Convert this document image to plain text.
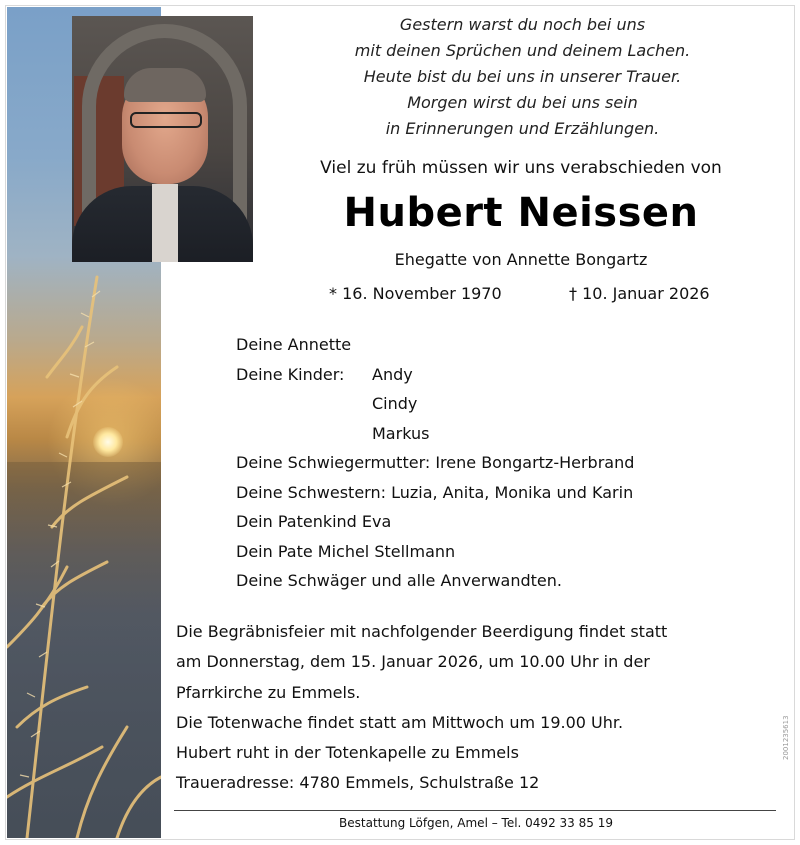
Gestern warst du noch bei uns
mit deinen Sprüchen und deinem Lachen.
Heute bist du bei uns in unserer Trauer.
Morgen wirst du bei uns sein
in Erinnerungen und Erzählungen.
Viel zu früh müssen wir uns verabschieden von
Hubert Neissen
Ehegatte von Annette Bongartz
* 16. November 1970	† 10. Januar 2026
Deine Annette
Deine Kinder:	Andy
Cindy
Markus
Deine Schwiegermutter: Irene Bongartz-Herbrand
Deine Schwestern: Luzia, Anita, Monika und Karin
Dein Patenkind Eva
Dein Pate Michel Stellmann
Deine Schwäger und alle Anverwandten.
Die Begräbnisfeier mit nachfolgender Beerdigung findet statt
am Donnerstag, dem 15. Januar 2026, um 10.00 Uhr in der
Pfarrkirche zu Emmels.
Die Totenwache findet statt am Mittwoch um 19.00 Uhr.
Hubert ruht in der Totenkapelle zu Emmels
Traueradresse: 4780 Emmels, Schulstraße 12
Bestattung Löfgen, Amel – Tel. 0492 33 85 19
2001235613
